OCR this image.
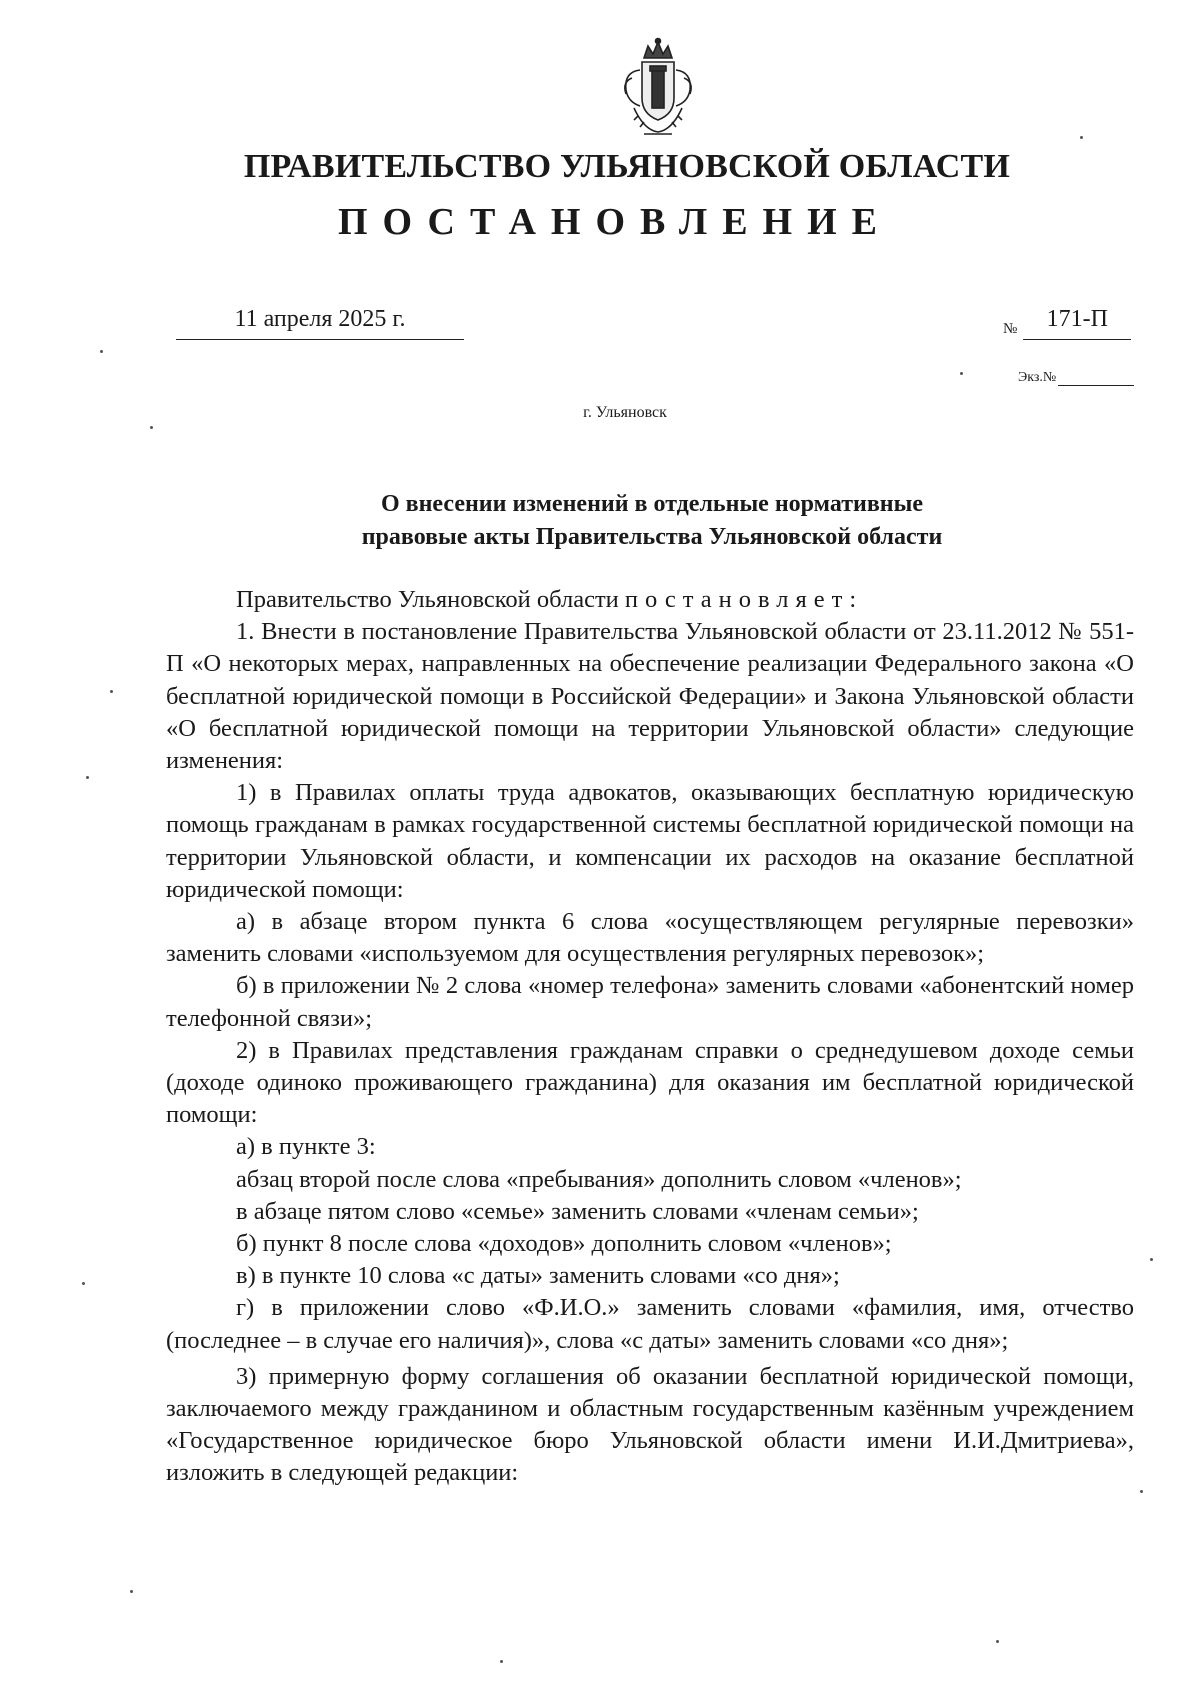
ПРАВИТЕЛЬСТВО УЛЬЯНОВСКОЙ ОБЛАСТИ
ПОСТАНОВЛЕНИЕ
11 апреля 2025 г.	№	171-П
Экз.№
г. Ульяновск
О внесении изменений в отдельные нормативные
правовые акты Правительства Ульяновской области

Правительство Ульяновской области постановляет:

1. Внести в постановление Правительства Ульяновской области от 23.11.2012 № 551-П «О некоторых мерах, направленных на обеспечение реализации Федерального закона «О бесплатной юридической помощи в Российской Федерации» и Закона Ульяновской области «О бесплатной юридической помощи на территории Ульяновской области» следующие изменения:

1) в Правилах оплаты труда адвокатов, оказывающих бесплатную юридическую помощь гражданам в рамках государственной системы бесплатной юридической помощи на территории Ульяновской области, и компенсации их расходов на оказание бесплатной юридической помощи:

а) в абзаце втором пункта 6 слова «осуществляющем регулярные перевозки» заменить словами «используемом для осуществления регулярных перевозок»;

б) в приложении № 2 слова «номер телефона» заменить словами «абонентский номер телефонной связи»;

2) в Правилах представления гражданам справки о среднедушевом доходе семьи (доходе одиноко проживающего гражданина) для оказания им бесплатной юридической помощи:

а) в пункте 3:

абзац второй после слова «пребывания» дополнить словом «членов»;

в абзаце пятом слово «семье» заменить словами «членам семьи»;

б) пункт 8 после слова «доходов» дополнить словом «членов»;

в) в пункте 10 слова «с даты» заменить словами «со дня»;

г) в приложении слово «Ф.И.О.» заменить словами «фамилия, имя, отчество (последнее – в случае его наличия)», слова «с даты» заменить словами «со дня»;

3) примерную форму соглашения об оказании бесплатной юридической помощи, заключаемого между гражданином и областным государственным казённым учреждением «Государственное юридическое бюро Ульяновской области имени И.И.Дмитриева», изложить в следующей редакции:
